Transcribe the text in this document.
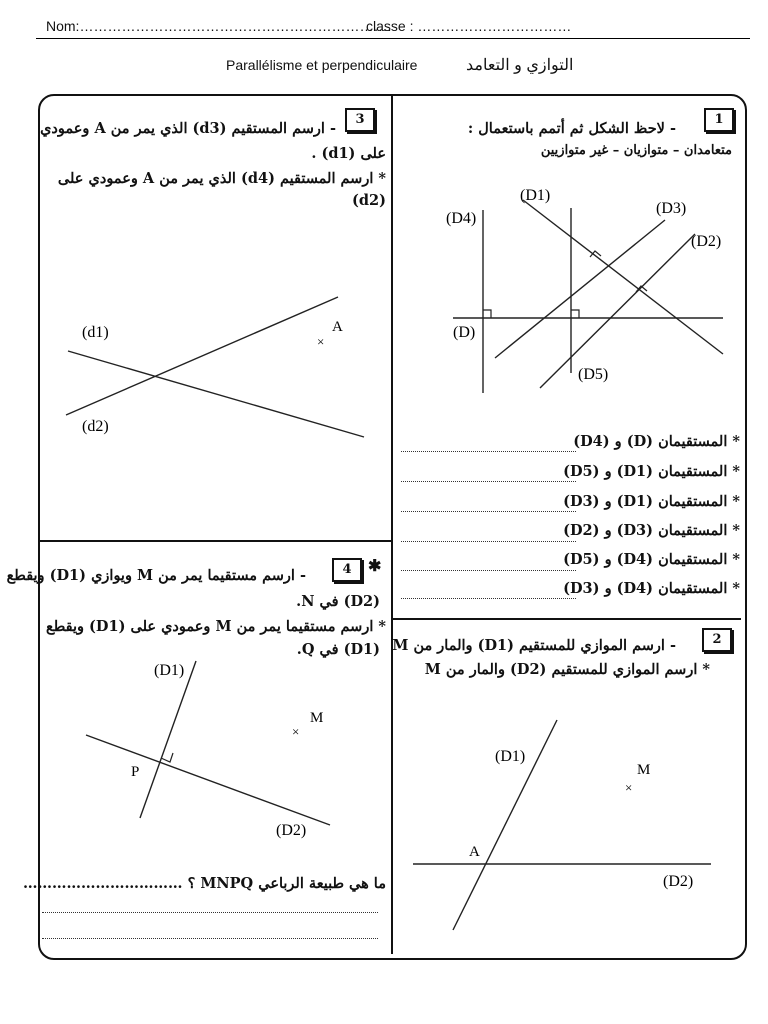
Nom:………………………………………………………….
classe : ……………………………
Parallélisme et perpendiculaire	التوازي و التعامد
1
- لاحظ الشكل ثم أتمم باستعمال :
متعامدان – متوازيان – غير متوازيين
(D1)
(D2)
(D3)
(D4)
(D5)
(D)
* المستقيمان (D) و (D4)
* المستقيمان (D1) و (D5)
* المستقيمان (D1) و (D3)
* المستقيمان (D3) و (D2)
* المستقيمان (D4) و (D5)
* المستقيمان (D4) و (D3)
2
- ارسم الموازي للمستقيم (D1) والمار من M
* ارسم الموازي للمستقيم (D2) والمار من M
(D1)
(D2)
A
M
×
3
- ارسم المستقيم (d3) الذي يمر من A وعمودي
على (d1) .
* ارسم المستقيم (d4) الذي يمر من A وعمودي على
(d2)
(d1)
(d2)
A
×
✱
4
- ارسم مستقيما يمر من M ويوازي (D1) ويقطع
(D2) في N.
* ارسم مستقيما يمر من M وعمودي على (D1) ويقطع
(D1) في Q.
(D1)
(D2)
P
M
×
ما هي طبيعة الرباعي MNPQ ؟ ……………………………
